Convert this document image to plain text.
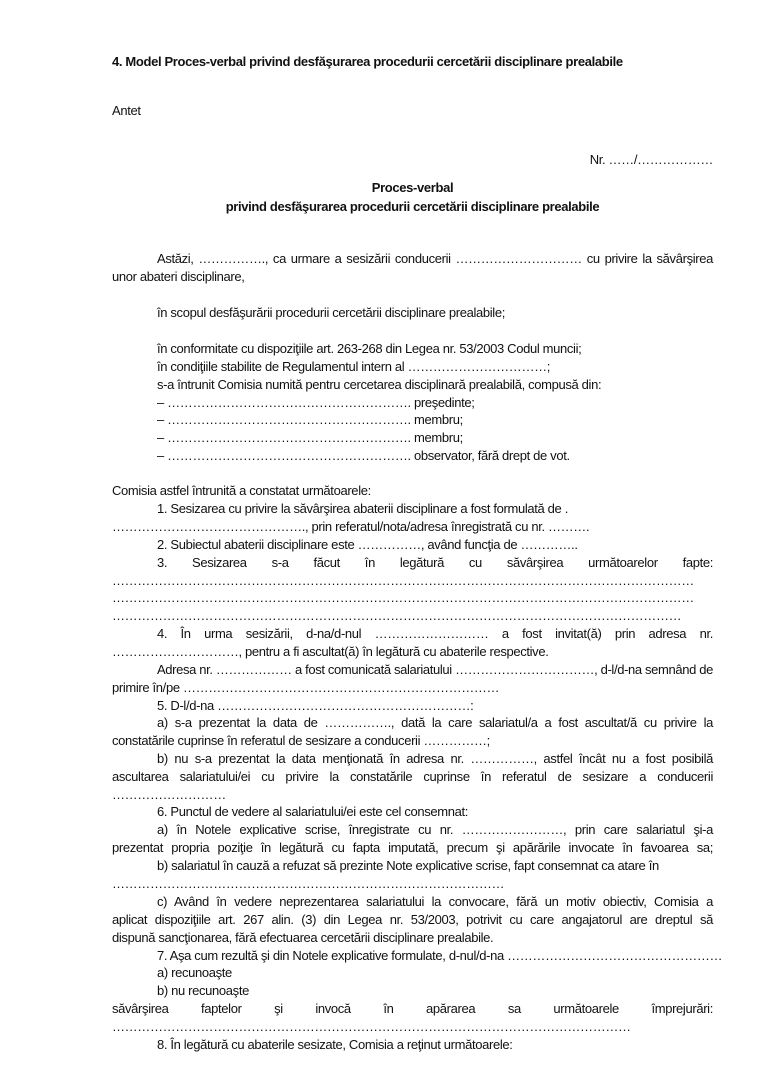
4. Model Proces-verbal privind desfăşurarea procedurii cercetării disciplinare prealabile
Antet
Nr. ……/………………
Proces-verbal
privind desfăşurarea procedurii cercetării disciplinare prealabile
Astăzi, ……………., ca urmare a sesizării conducerii ………………………… cu privire la săvârşirea
unor abateri disciplinare,
în scopul desfăşurării procedurii cercetării disciplinare prealabile;
în conformitate cu dispoziţiile art. 263-268 din Legea nr. 53/2003 Codul muncii;
în condiţiile stabilite de Regulamentul intern al ……………………………;
s-a întrunit Comisia numită pentru cercetarea disciplinară prealabilă, compusă din:
– …………………………………………………. preşedinte;
– …………………………………………………. membru;
– …………………………………………………. membru;
– …………………………………………………. observator, fără drept de vot.
Comisia astfel întrunită a constatat următoarele:
1. Sesizarea cu privire la săvârşirea abaterii disciplinare a fost formulată de .
………………………………………., prin referatul/nota/adresa înregistrată cu nr. ……….
2. Subiectul abaterii disciplinare este ……………, având funcţia de …………..
3. Sesizarea s-a făcut în legătură cu săvârşirea următoarelor fapte:
…………………………………………………………………………………………………………………………
…………………………………………………………………………………………………………………………
………………………………………………………………………………………………………………………
4. În urma sesizării, d-na/d-nul ……………………… a fost invitat(ă) prin adresa nr.
…………………………, pentru a fi ascultat(ă) în legătură cu abaterile respective.
Adresa nr. ……………… a fost comunicată salariatului ……………………………, d-l/d-na semnând de
primire în/pe …………………………………………………………………
5. D-l/d-na ……………………………………………………:
a) s-a prezentat la data de ……………., dată la care salariatul/a a fost ascultat/ă cu privire la
constatările cuprinse în referatul de sesizare a conducerii ……………;
b) nu s-a prezentat la data menţionată în adresa nr. ……………, astfel încât nu a fost posibilă
ascultarea salariatului/ei cu privire la constatările cuprinse în referatul de sesizare a conducerii
………………………
6. Punctul de vedere al salariatului/ei este cel consemnat:
a) în Notele explicative scrise, înregistrate cu nr. ……………………, prin care salariatul şi-a
prezentat propria poziţie în legătură cu fapta imputată, precum şi apărările invocate în favoarea sa;
b) salariatul în cauză a refuzat să prezinte Note explicative scrise, fapt consemnat ca atare în
…………………………………………………………………………………
c) Având în vedere neprezentarea salariatului la convocare, fără un motiv obiectiv, Comisia a
aplicat dispoziţiile art. 267 alin. (3) din Legea nr. 53/2003, potrivit cu care angajatorul are dreptul să
dispună sancţionarea, fără efectuarea cercetării disciplinare prealabile.
7. Aşa cum rezultă şi din Notele explicative formulate, d-nul/d-na ……………………………………………
a) recunoaşte
b) nu recunoaşte
săvârşirea faptelor şi invocă în apărarea sa următoarele împrejurări:
……………………………………………………………………………………………………………
8. În legătură cu abaterile sesizate, Comisia a reţinut următoarele:
